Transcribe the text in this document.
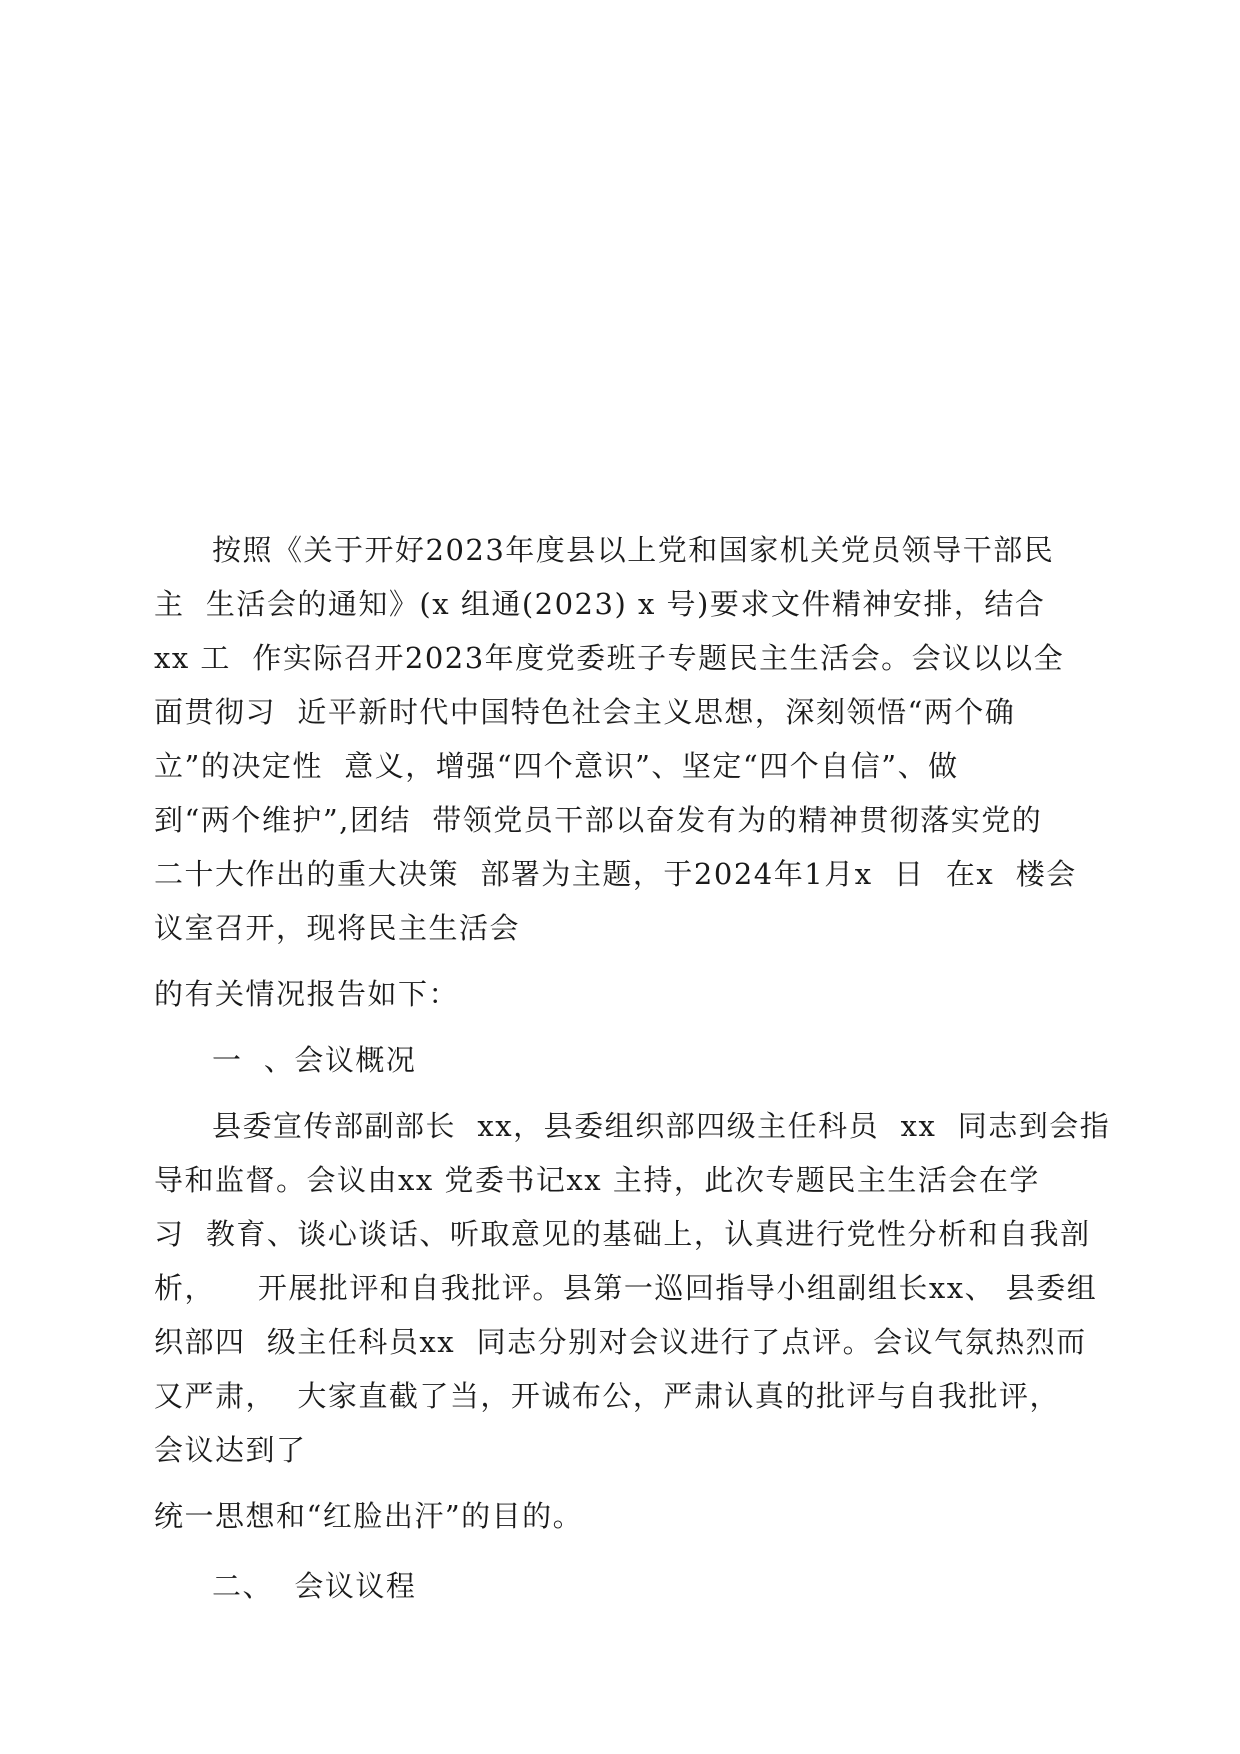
按照《关于开好2023年度县以上党和国家机关党员领导干部民
主  生活会的通知》(x 组通(2023) x 号)要求文件精神安排，结合
xx 工  作实际召开2023年度党委班子专题民主生活会。会议以以全
面贯彻习  近平新时代中国特色社会主义思想，深刻领悟“两个确
立”的决定性  意义，增强“四个意识”、坚定“四个自信”、做
到“两个维护”,团结  带领党员干部以奋发有为的精神贯彻落实党的
二十大作出的重大决策  部署为主题，于2024年1月x  日  在x  楼会
议室召开，现将民主生活会
的有关情况报告如下：
一  、会议概况
县委宣传部副部长  xx，县委组织部四级主任科员  xx  同志到会指
导和监督。会议由xx 党委书记xx 主持，此次专题民主生活会在学
习  教育、谈心谈话、听取意见的基础上，认真进行党性分析和自我剖
析，    开展批评和自我批评。县第一巡回指导小组副组长xx、 县委组
织部四  级主任科员xx  同志分别对会议进行了点评。会议气氛热烈而
又严肃，  大家直截了当，开诚布公，严肃认真的批评与自我批评，
会议达到了
统一思想和“红脸出汗”的目的。
二、  会议议程
